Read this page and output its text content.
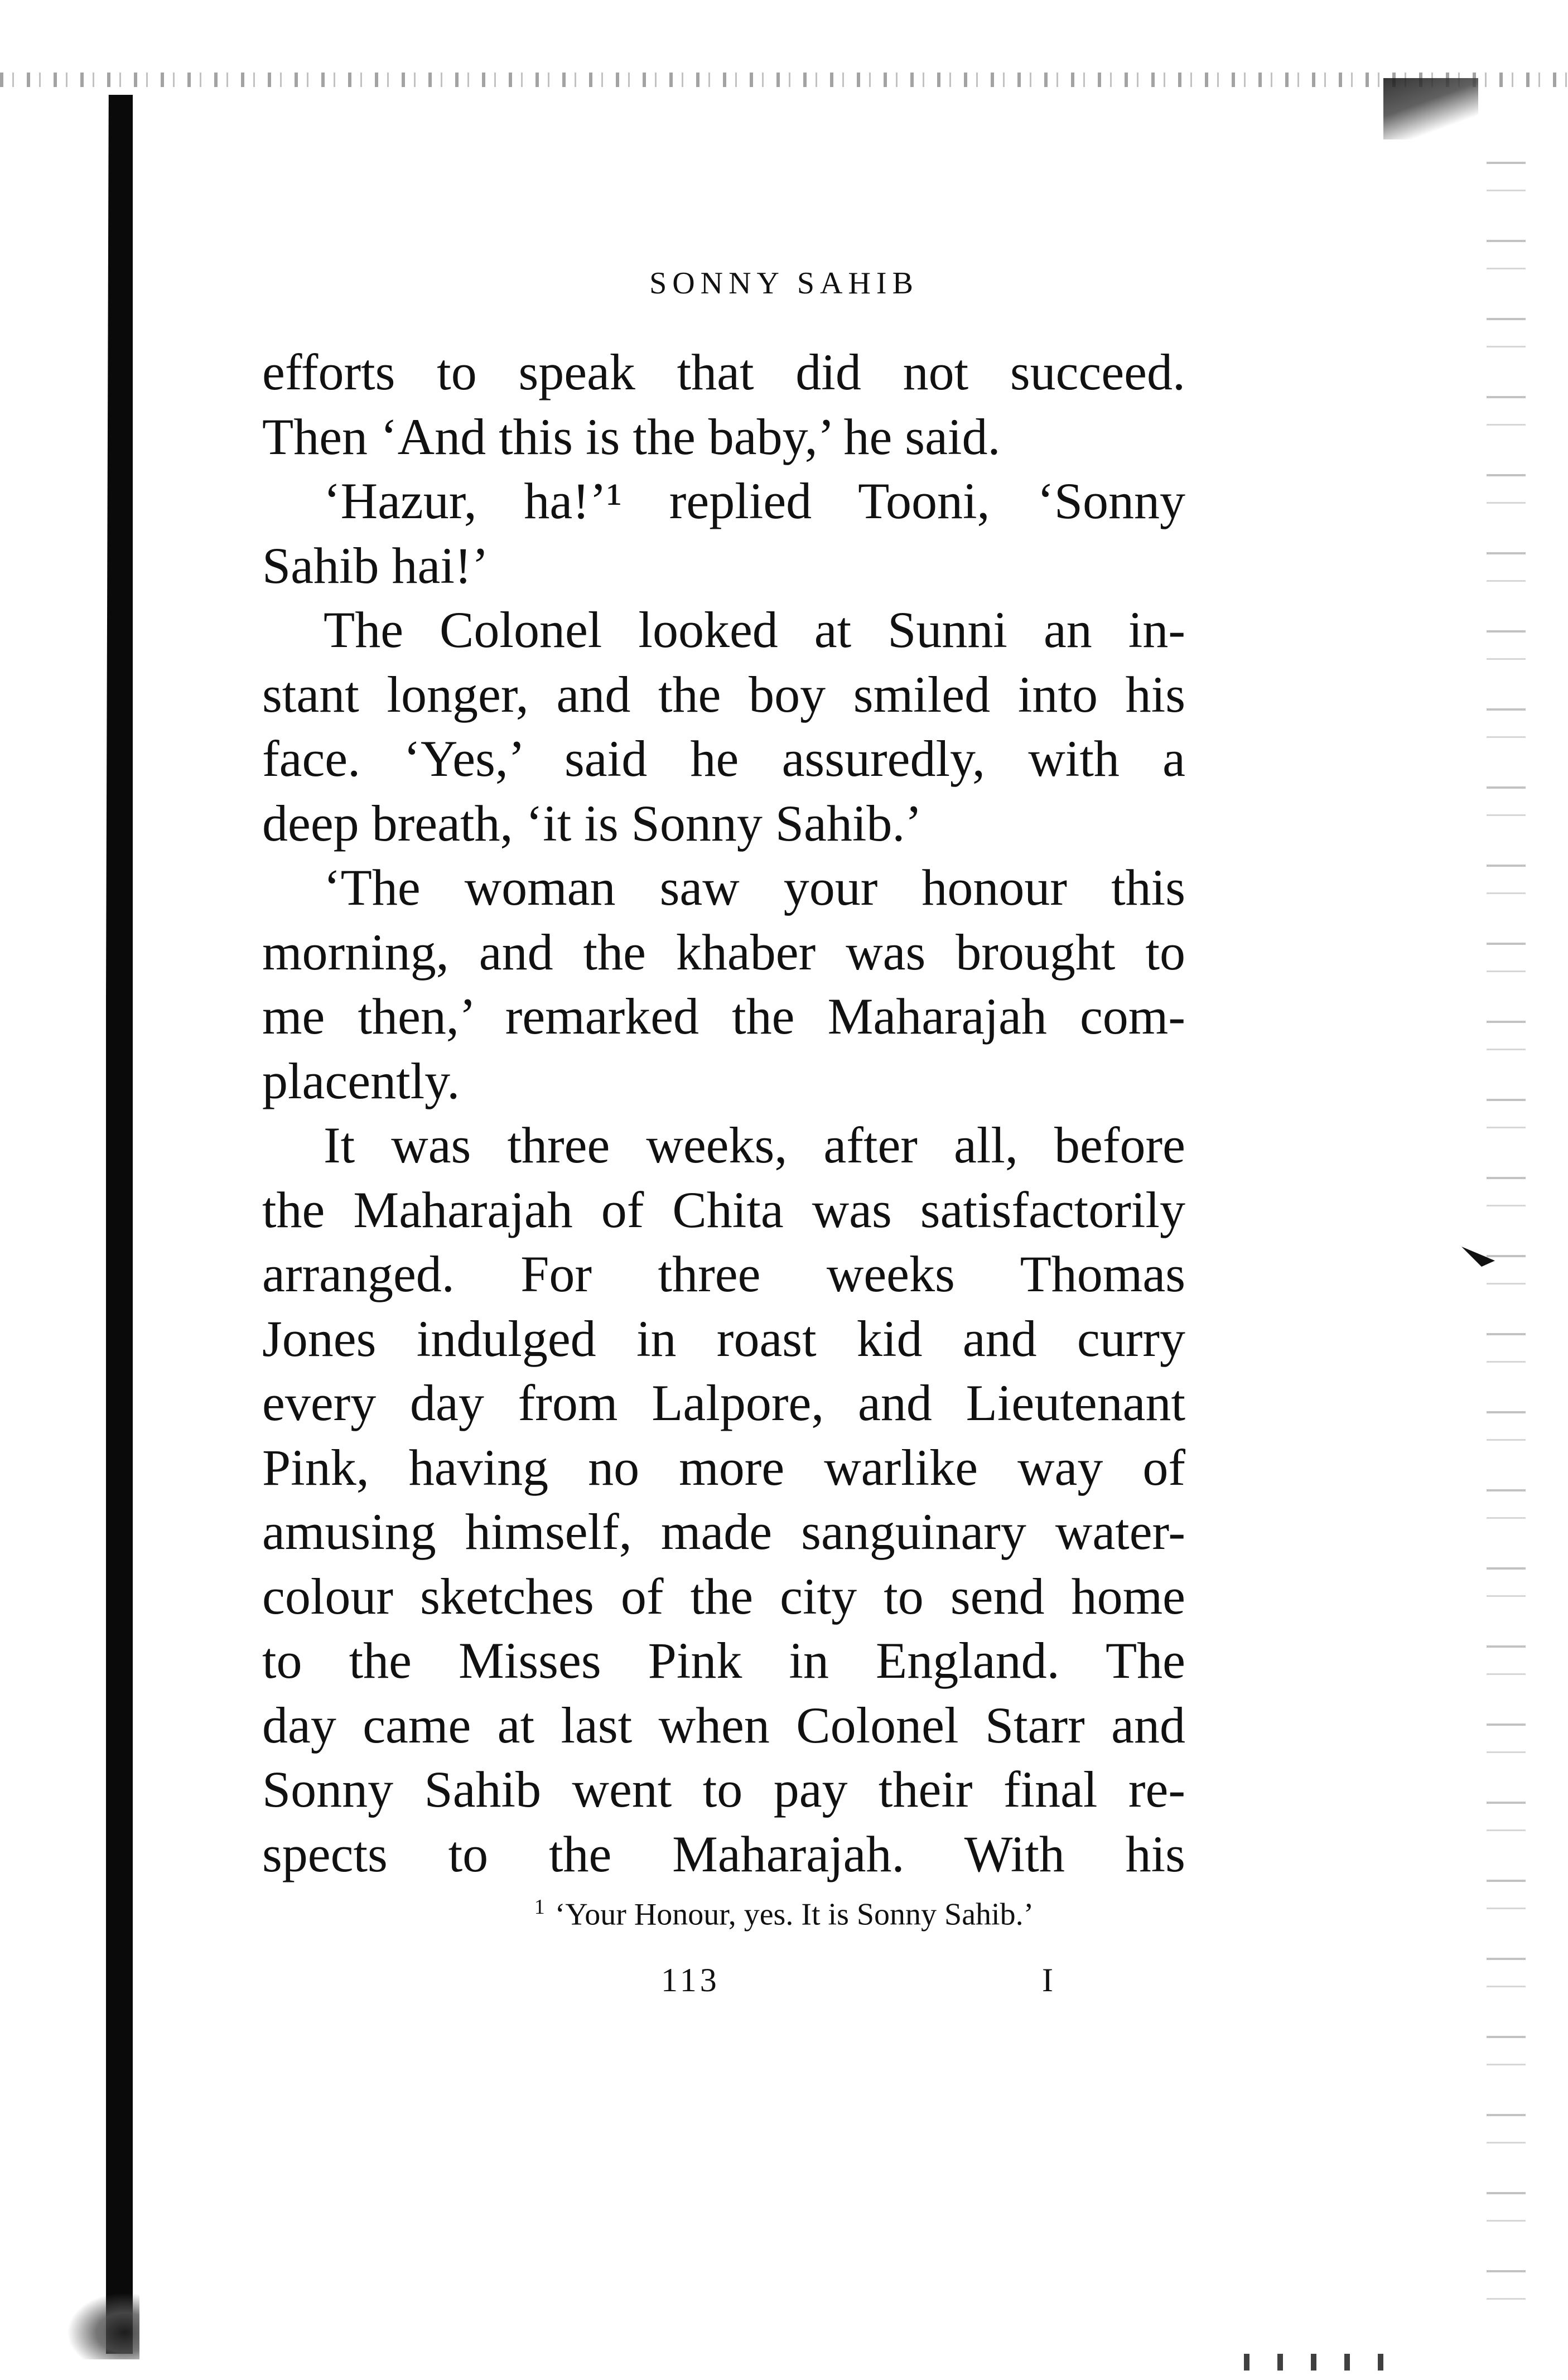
SONNY SAHIB
efforts to speak that did not succeed.
Then ‘And this is the baby,’ he said.
‘Hazur, ha!’¹ replied Tooni, ‘Sonny
Sahib hai!’
The Colonel looked at Sunni an in-
stant longer, and the boy smiled into his
face. ‘Yes,’ said he assuredly, with a
deep breath, ‘it is Sonny Sahib.’
‘The woman saw your honour this
morning, and the khaber was brought to
me then,’ remarked the Maharajah com-
placently.
It was three weeks, after all, before
the Maharajah of Chita was satisfactorily
arranged. For three weeks Thomas
Jones indulged in roast kid and curry
every day from Lalpore, and Lieutenant
Pink, having no more warlike way of
amusing himself, made sanguinary water-
colour sketches of the city to send home
to the Misses Pink in England. The
day came at last when Colonel Starr and
Sonny Sahib went to pay their final re-
spects to the Maharajah. With his
$^1$ ‘Your Honour, yes. It is Sonny Sahib.’
113	I
